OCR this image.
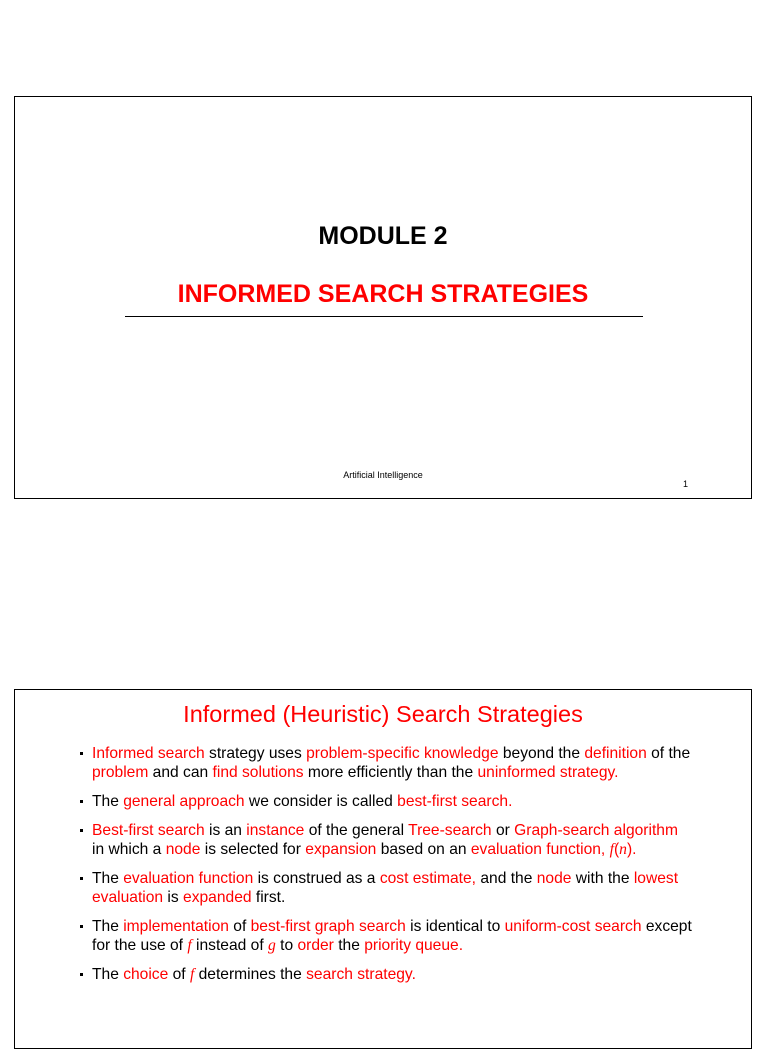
MODULE 2
INFORMED SEARCH STRATEGIES
Artificial Intelligence
1
Informed (Heuristic) Search Strategies
Informed search strategy uses problem-specific knowledge beyond the definition of the problem and can find solutions more efficiently than the uninformed strategy.
The general approach we consider is called best-first search.
Best-first search is an instance of the general Tree-search or Graph-search algorithm in which a node is selected for expansion based on an evaluation function, f(n).
The evaluation function is construed as a cost estimate, and the node with the lowest evaluation is expanded first.
The implementation of best-first graph search is identical to uniform-cost search except for the use of f instead of g to order the priority queue.
The choice of f determines the search strategy.
